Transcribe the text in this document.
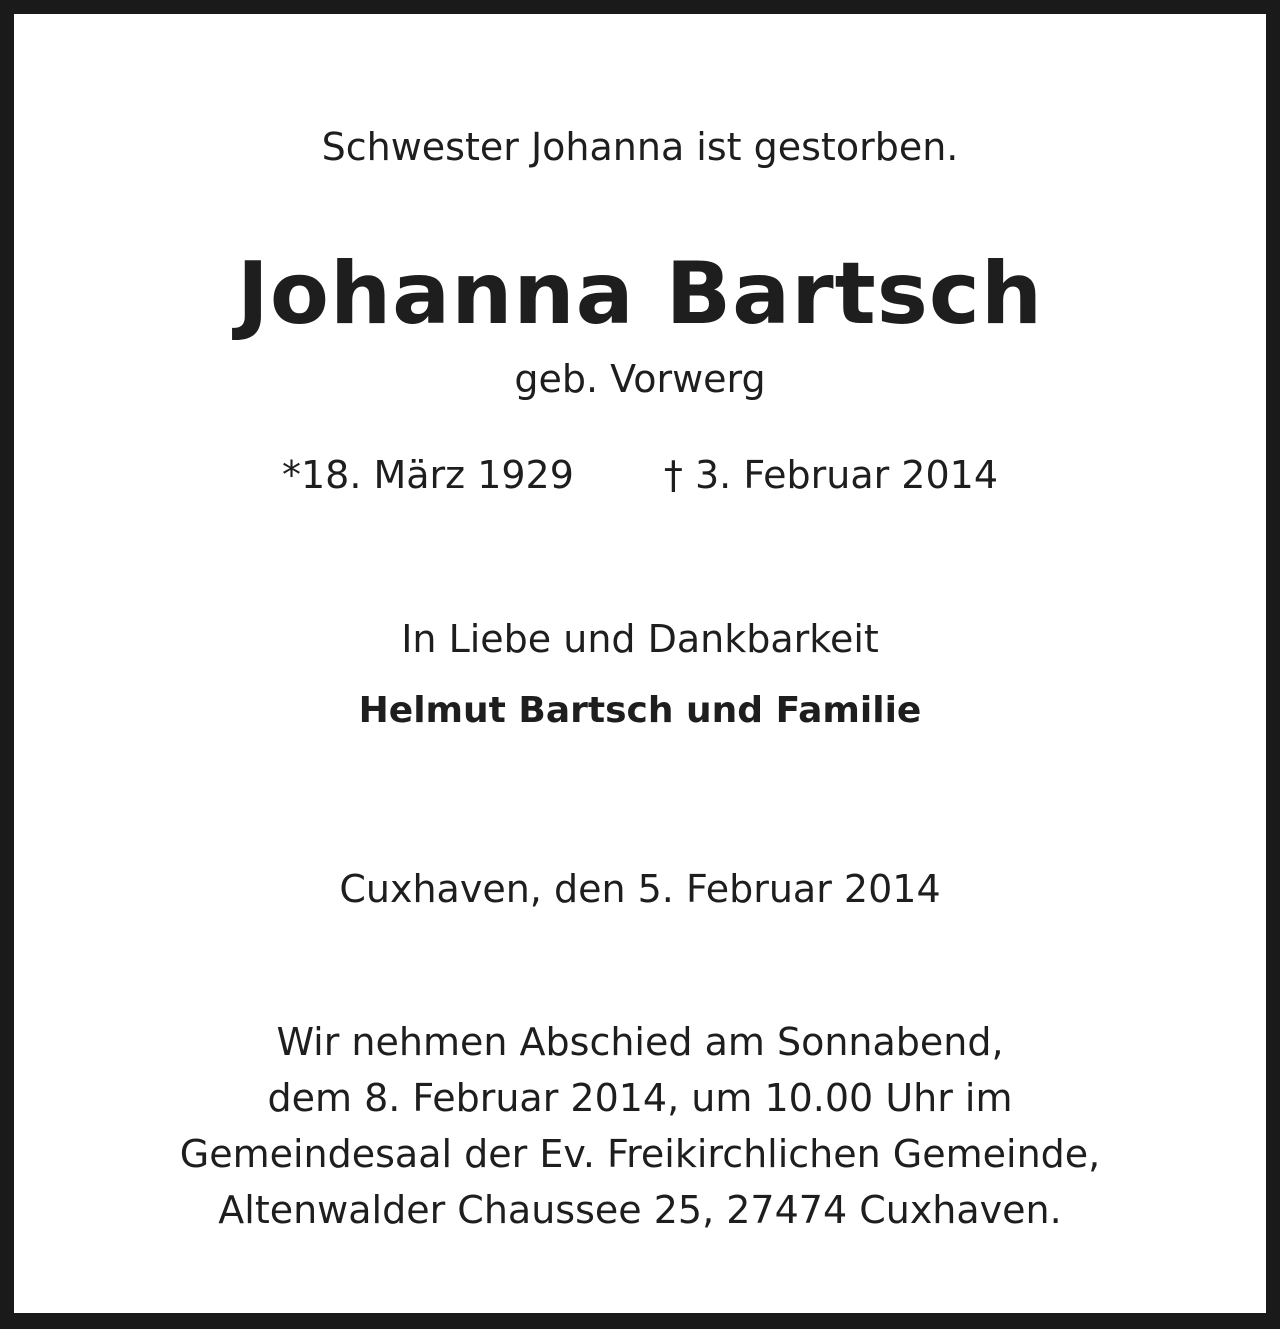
Schwester Johanna ist gestorben.
Johanna Bartsch
geb. Vorwerg
*18. März 1929 † 3. Februar 2014
In Liebe und Dankbarkeit
Helmut Bartsch und Familie
Cuxhaven, den 5. Februar 2014
Wir nehmen Abschied am Sonnabend,
dem 8. Februar 2014, um 10.00 Uhr im
Gemeindesaal der Ev. Freikirchlichen Gemeinde,
Altenwalder Chaussee 25, 27474 Cuxhaven.
